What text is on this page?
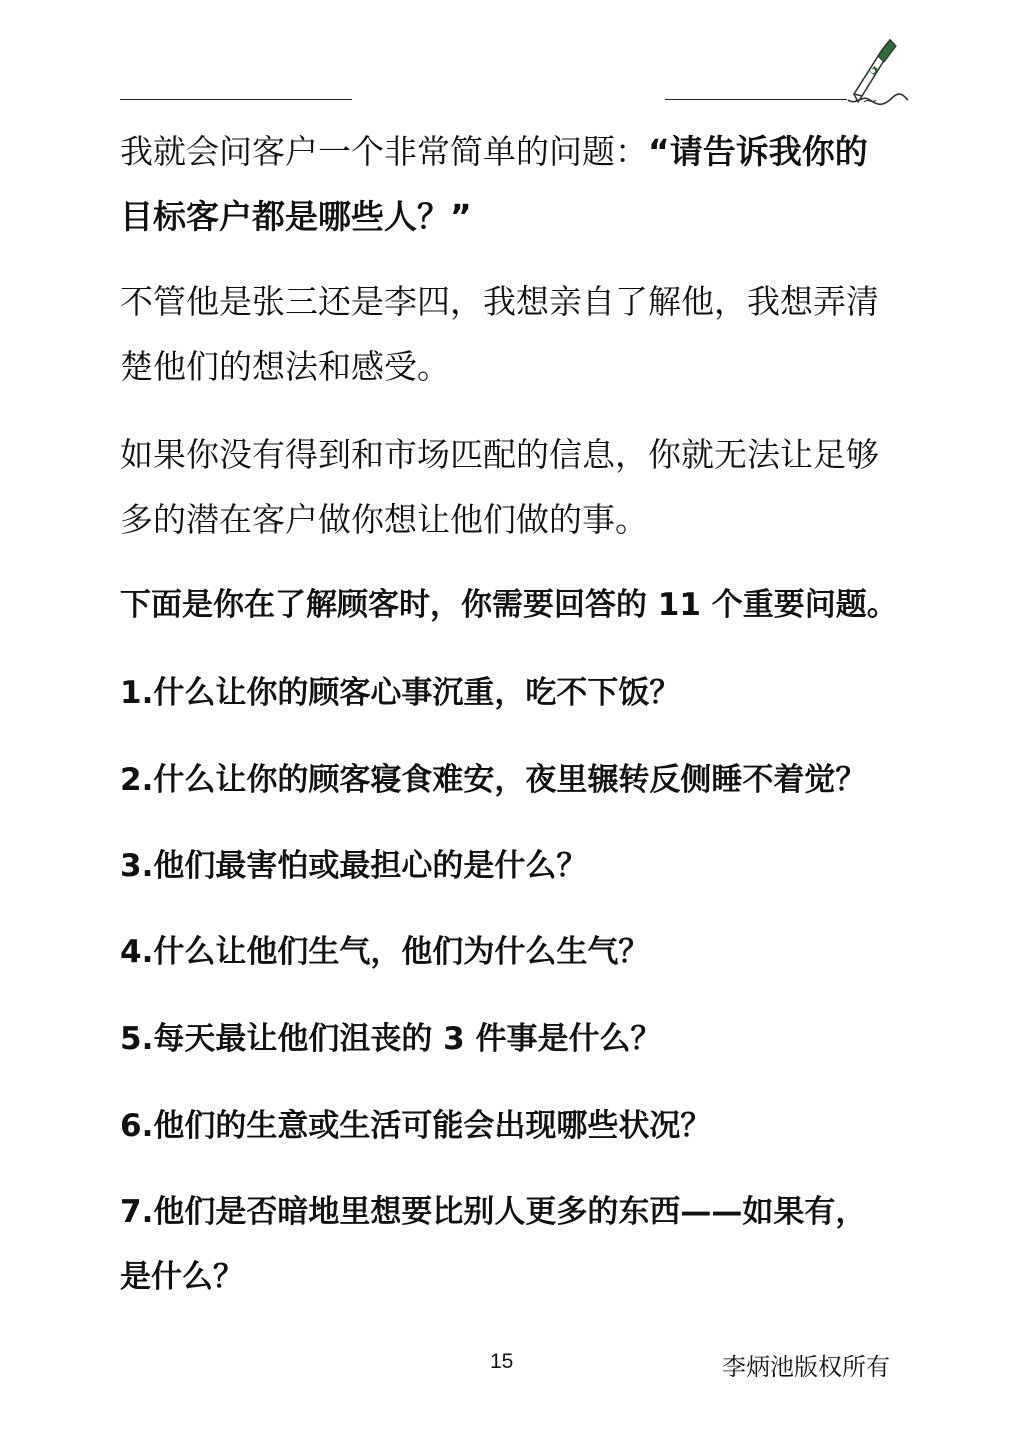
我就会问客户一个非常简单的问题：“请告诉我你的
目标客户都是哪些人？”

不管他是张三还是李四，我想亲自了解他，我想弄清
楚他们的想法和感受。

如果你没有得到和市场匹配的信息，你就无法让足够
多的潜在客户做你想让他们做的事。

下面是你在了解顾客时，你需要回答的 11 个重要问题。

1.什么让你的顾客心事沉重，吃不下饭？

2.什么让你的顾客寝食难安，夜里辗转反侧睡不着觉？

3.他们最害怕或最担心的是什么？

4.什么让他们生气，他们为什么生气？

5.每天最让他们沮丧的 3 件事是什么？

6.他们的生意或生活可能会出现哪些状况？

7.他们是否暗地里想要比别人更多的东西——如果有，

是什么？

15	李炳池版权所有
